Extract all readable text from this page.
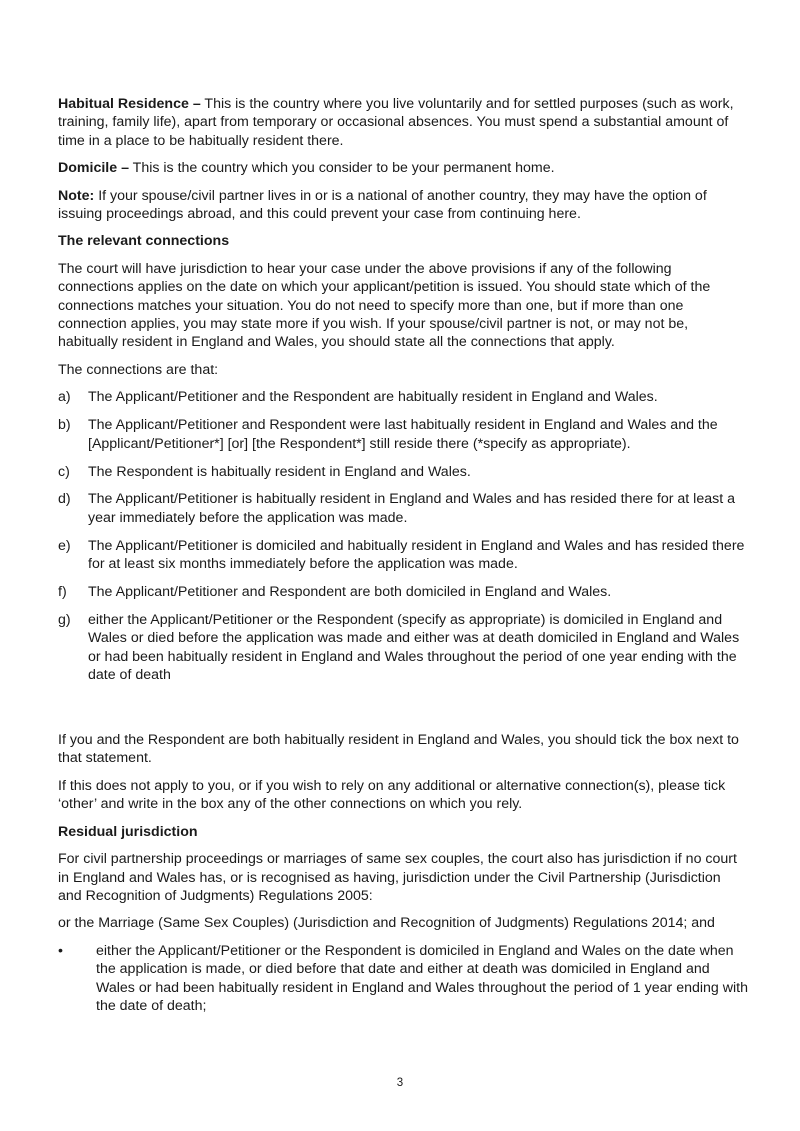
Habitual Residence – This is the country where you live voluntarily and for settled purposes (such as work, training, family life), apart from temporary or occasional absences. You must spend a substantial amount of time in a place to be habitually resident there.

Domicile – This is the country which you consider to be your permanent home.

Note: If your spouse/civil partner lives in or is a national of another country, they may have the option of issuing proceedings abroad, and this could prevent your case from continuing here.

The relevant connections

The court will have jurisdiction to hear your case under the above provisions if any of the following connections applies on the date on which your applicant/petition is issued. You should state which of the connections matches your situation. You do not need to specify more than one, but if more than one connection applies, you may state more if you wish. If your spouse/civil partner is not, or may not be, habitually resident in England and Wales, you should state all the connections that apply.

The connections are that:

a) The Applicant/Petitioner and the Respondent are habitually resident in England and Wales.
b) The Applicant/Petitioner and Respondent were last habitually resident in England and Wales and the [Applicant/Petitioner*] [or] [the Respondent*] still reside there (*specify as appropriate).
c) The Respondent is habitually resident in England and Wales.
d) The Applicant/Petitioner is habitually resident in England and Wales and has resided there for at least a year immediately before the application was made.
e) The Applicant/Petitioner is domiciled and habitually resident in England and Wales and has resided there for at least six months immediately before the application was made.
f) The Applicant/Petitioner and Respondent are both domiciled in England and Wales.
g) either the Applicant/Petitioner or the Respondent (specify as appropriate) is domiciled in England and Wales or died before the application was made and either was at death domiciled in England and Wales or had been habitually resident in England and Wales throughout the period of one year ending with the date of death

If you and the Respondent are both habitually resident in England and Wales, you should tick the box next to that statement.

If this does not apply to you, or if you wish to rely on any additional or alternative connection(s), please tick ‘other’ and write in the box any of the other connections on which you rely.

Residual jurisdiction

For civil partnership proceedings or marriages of same sex couples, the court also has jurisdiction if no court in England and Wales has, or is recognised as having, jurisdiction under the Civil Partnership (Jurisdiction and Recognition of Judgments) Regulations 2005:

or the Marriage (Same Sex Couples) (Jurisdiction and Recognition of Judgments) Regulations 2014; and

• either the Applicant/Petitioner or the Respondent is domiciled in England and Wales on the date when the application is made, or died before that date and either at death was domiciled in England and Wales or had been habitually resident in England and Wales throughout the period of 1 year ending with the date of death;
3
